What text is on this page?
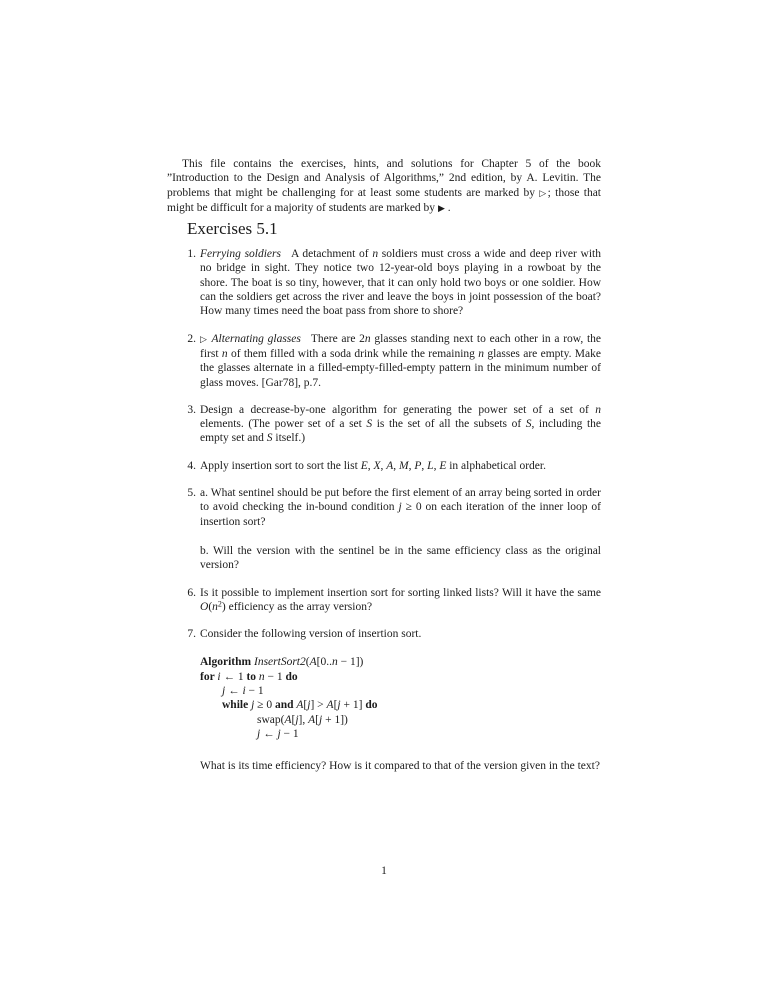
This file contains the exercises, hints, and solutions for Chapter 5 of the book ”Introduction to the Design and Analysis of Algorithms,” 2nd edition, by A. Levitin. The problems that might be challenging for at least some students are marked by ▷; those that might be difficult for a majority of students are marked by ▶ .

Exercises 5.1
1. Ferrying soldiers A detachment of n soldiers must cross a wide and deep river with no bridge in sight. They notice two 12-year-old boys playing in a rowboat by the shore. The boat is so tiny, however, that it can only hold two boys or one soldier. How can the soldiers get across the river and leave the boys in joint possession of the boat? How many times need the boat pass from shore to shore?

2. ▷ Alternating glasses There are 2n glasses standing next to each other in a row, the first n of them filled with a soda drink while the remaining n glasses are empty. Make the glasses alternate in a filled-empty-filled-empty pattern in the minimum number of glass moves. [Gar78], p.7.

3. Design a decrease-by-one algorithm for generating the power set of a set of n elements. (The power set of a set S is the set of all the subsets of S, including the empty set and S itself.)

4. Apply insertion sort to sort the list E, X, A, M, P, L, E in alphabetical order.

5. a. What sentinel should be put before the first element of an array being sorted in order to avoid checking the in-bound condition j ≥ 0 on each iteration of the inner loop of insertion sort?

b. Will the version with the sentinel be in the same efficiency class as the original version?

6. Is it possible to implement insertion sort for sorting linked lists? Will it have the same $O(n^2)$ efficiency as the array version?

7. Consider the following version of insertion sort.

Algorithm InsertSort2(A[0..n − 1])
for i ← 1 to n − 1 do
j ← i − 1
while j ≥ 0 and A[j] > A[j + 1] do
swap(A[j], A[j + 1])
j ← j − 1

What is its time efficiency? How is it compared to that of the version given in the text?

1
